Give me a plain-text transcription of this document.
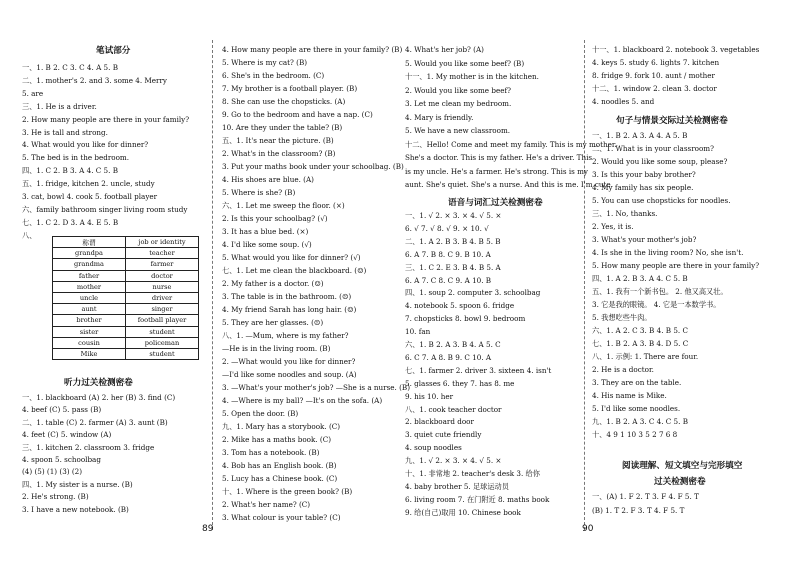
笔试部分
一、1. B 2. C 3. C 4. A 5. B
二、1. mother's 2. and 3. some 4. Merry
5. are
三、1. He is a driver.
2. How many people are there in your family?
3. He is tall and strong.
4. What would you like for dinner?
5. The bed is in the bedroom.
四、1. C 2. B 3. A 4. C 5. B
五、1. fridge, kitchen 2. uncle, study
3. cat, bowl 4. cook 5. football player
六、family bathroom singer living room study
七、1. C 2. D 3. A 4. E 5. B
八、
称谓	job or identity
grandpa	teacher
grandma	farmer
father	doctor
mother	nurse
uncle	driver
aunt	singer
brother	football player
sister	student
cousin	policeman
Mike	student
听力过关检测密卷
一、1. blackboard (A) 2. her (B) 3. find (C)
4. beef (C) 5. pass (B)
二、1. table (C) 2. farmer (A) 3. aunt (B)
4. feet (C) 5. window (A)
三、1. kitchen 2. classroom 3. fridge
4. spoon 5. schoolbag
(4) (5) (1) (3) (2)
四、1. My sister is a nurse. (B)
2. He's strong. (B)
3. I have a new notebook. (B)
4. How many people are there in your family? (B)
5. Where is my cat? (B)
6. She's in the bedroom. (C)
7. My brother is a football player. (B)
8. She can use the chopsticks. (A)
9. Go to the bedroom and have a nap. (C)
10. Are they under the table? (B)
五、1. It's near the picture. (B)
2. What's in the classroom? (B)
3. Put your maths book under your schoolbag. (B)
4. His shoes are blue. (A)
5. Where is she? (B)
六、1. Let me sweep the floor. (×)
2. Is this your schoolbag? (√)
3. It has a blue bed. (×)
4. I'd like some soup. (√)
5. What would you like for dinner? (√)
七、1. Let me clean the blackboard. (☺)
2. My father is a doctor. (☺)
3. The table is in the bathroom. (☹)
4. My friend Sarah has long hair. (☺)
5. They are her glasses. (☹)
八、1. —Mum, where is my father?
—He is in the living room. (B)
2. —What would you like for dinner?
—I'd like some noodles and soup. (A)
3. —What's your mother's job? —She is a nurse. (B)
4. —Where is my ball? —It's on the sofa. (A)
5. Open the door. (B)
九、1. Mary has a storybook. (C)
2. Mike has a maths book. (C)
3. Tom has a notebook. (B)
4. Bob has an English book. (B)
5. Lucy has a Chinese book. (C)
十、1. Where is the green book? (B)
2. What's her name? (C)
3. What colour is your table? (C)
4. What's her job? (A)
5. Would you like some beef? (B)
十一、1. My mother is in the kitchen.
2. Would you like some beef?
3. Let me clean my bedroom.
4. Mary is friendly.
5. We have a new classroom.
十二、Hello! Come and meet my family. This is my mother.
She's a doctor. This is my father. He's a driver. This
is my uncle. He's a farmer. He's strong. This is my
aunt. She's quiet. She's a nurse. And this is me. I'm cute.
语音与词汇过关检测密卷
一、1. √ 2. × 3. × 4. √ 5. ×
6. √ 7. √ 8. √ 9. × 10. √
二、1. A 2. B 3. B 4. B 5. B
6. A 7. B 8. C 9. B 10. A
三、1. C 2. E 3. B 4. B 5. A
6. A 7. C 8. C 9. A 10. B
四、1. soup 2. computer 3. schoolbag
4. notebook 5. spoon 6. fridge
7. chopsticks 8. bowl 9. bedroom
10. fan
六、1. B 2. A 3. B 4. A 5. C
6. C 7. A 8. B 9. C 10. A
七、1. farmer 2. driver 3. sixteen 4. isn't
5. glasses 6. they 7. has 8. me
9. his 10. her
八、1. cook teacher doctor
2. blackboard door
3. quiet cute friendly
4. soup noodles
九、1. √ 2. × 3. × 4. √ 5. ×
十、1. 非常地 2. teacher's desk 3. 给你
4. baby brother 5. 足球运动员
6. living room 7. 在门附近 8. maths book
9. 给(自己)取用 10. Chinese book
十一、1. blackboard 2. notebook 3. vegetables
4. keys 5. study 6. lights 7. kitchen
8. fridge 9. fork 10. aunt / mother
十二、1. window 2. clean 3. doctor
4. noodles 5. and
句子与情景交际过关检测密卷
一、1. B 2. A 3. A 4. A 5. B
二、1. What is in your classroom?
2. Would you like some soup, please?
3. Is this your baby brother?
4. My family has six people.
5. You can use chopsticks for noodles.
三、1. No, thanks.
2. Yes, it is.
3. What's your mother's job?
4. Is she in the living room? No, she isn't.
5. How many people are there in your family?
四、1. A 2. B 3. A 4. C 5. B
五、1. 我有一个新书包。 2. 他又高又壮。
3. 它是我的眼镜。 4. 它是一本数学书。
5. 我想吃些牛肉。
六、1. A 2. C 3. B 4. B 5. C
七、1. B 2. A 3. B 4. D 5. C
八、1. 示例: 1. There are four.
2. He is a doctor.
3. They are on the table.
4. His name is Mike.
5. I'd like some noodles.
九、1. B 2. A 3. C 4. C 5. B
十、4 9 1 10 3 5 2 7 6 8
阅读理解、短文填空与完形填空
过关检测密卷
一、(A) 1. F 2. T 3. F 4. F 5. T
(B) 1. T 2. F 3. T 4. F 5. T
89	90
